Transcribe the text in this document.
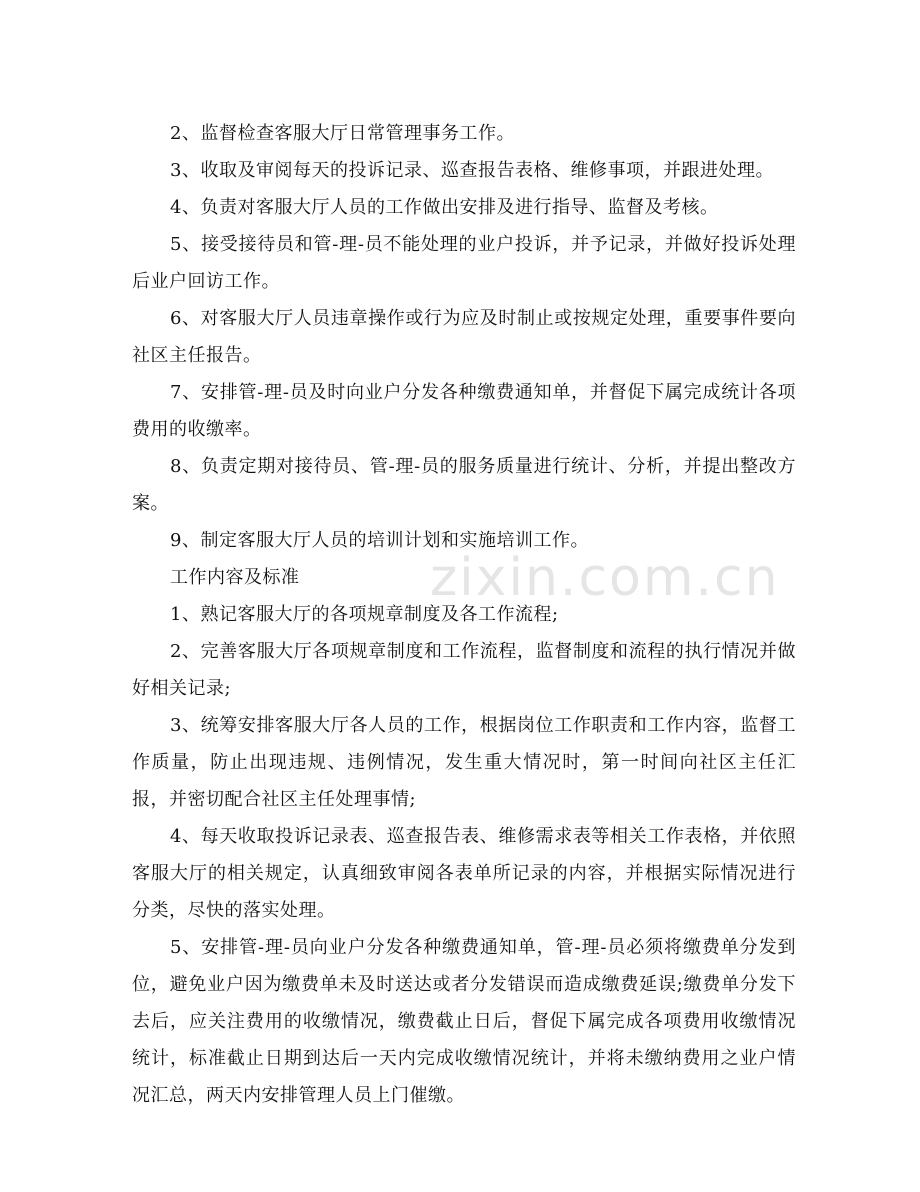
2、监督检查客服大厅日常管理事务工作。

3、收取及审阅每天的投诉记录、巡查报告表格、维修事项，并跟进处理。

4、负责对客服大厅人员的工作做出安排及进行指导、监督及考核。

5、接受接待员和管-理-员不能处理的业户投诉，并予记录，并做好投诉处理后业户回访工作。

6、对客服大厅人员违章操作或行为应及时制止或按规定处理，重要事件要向社区主任报告。

7、安排管-理-员及时向业户分发各种缴费通知单，并督促下属完成统计各项费用的收缴率。

8、负责定期对接待员、管-理-员的服务质量进行统计、分析，并提出整改方案。

9、制定客服大厅人员的培训计划和实施培训工作。

工作内容及标准

1、熟记客服大厅的各项规章制度及各工作流程;

2、完善客服大厅各项规章制度和工作流程，监督制度和流程的执行情况并做好相关记录;

3、统筹安排客服大厅各人员的工作，根据岗位工作职责和工作内容，监督工作质量，防止出现违规、违例情况，发生重大情况时，第一时间向社区主任汇报，并密切配合社区主任处理事情;

4、每天收取投诉记录表、巡查报告表、维修需求表等相关工作表格，并依照客服大厅的相关规定，认真细致审阅各表单所记录的内容，并根据实际情况进行分类，尽快的落实处理。

5、安排管-理-员向业户分发各种缴费通知单，管-理-员必须将缴费单分发到位，避免业户因为缴费单未及时送达或者分发错误而造成缴费延误;缴费单分发下去后，应关注费用的收缴情况，缴费截止日后，督促下属完成各项费用收缴情况统计，标准截止日期到达后一天内完成收缴情况统计，并将未缴纳费用之业户情况汇总，两天内安排管理人员上门催缴。

zixin.com.cn
